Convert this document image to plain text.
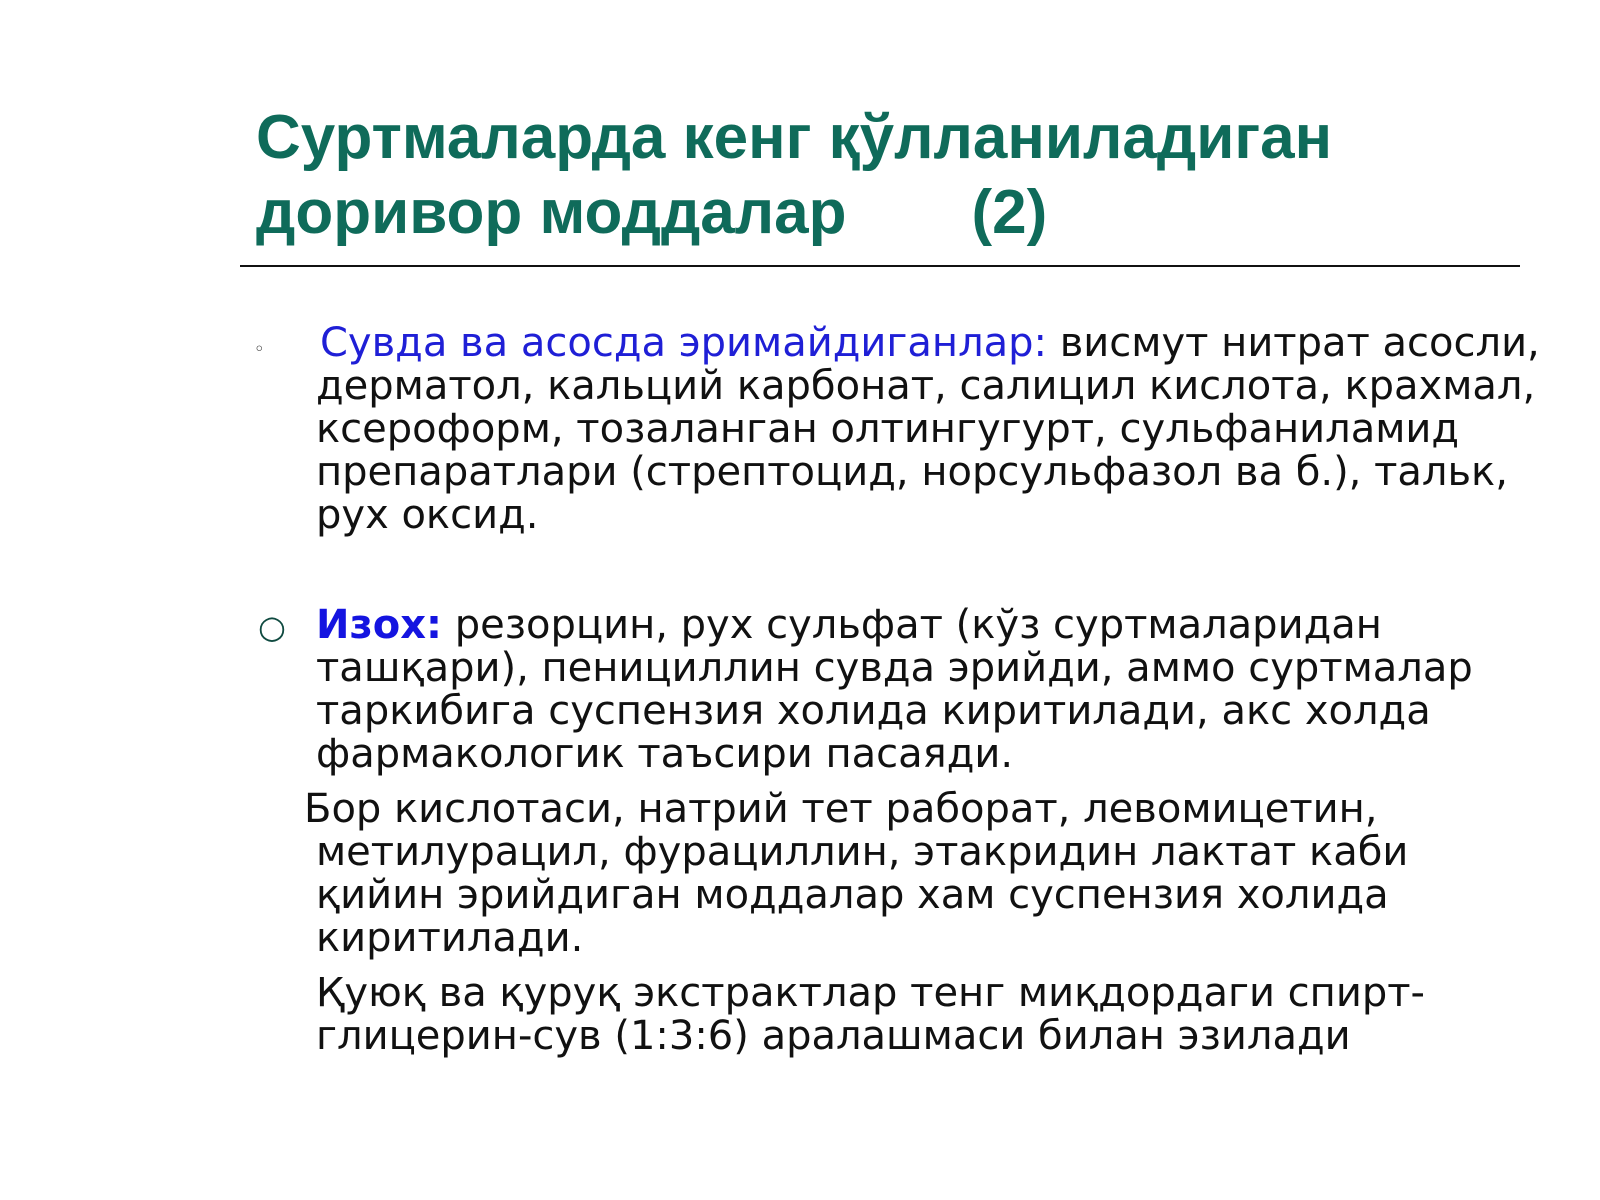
Суртмаларда кенг қўлланиладиган
доривор моддалар (2)
◦ Сувда ва асосда эримайдиганлар: висмут нитрат асосли, дерматол, кальций карбонат, салицил кислота, крахмал, ксероформ, тозаланган олтингугурт, сульфаниламид препаратлари (стрептоцид, норсульфазол ва б.), тальк, рух оксид.
○ Изох: резорцин, рух сульфат (кўз суртмаларидан ташқари), пенициллин сувда эрийди, аммо суртмалар таркибига суспензия холида киритилади, акс холда фармакологик таъсири пасаяди.
Бор кислотаси, натрий тет раборат, левомицетин, метилурацил, фурациллин, этакридин лактат каби қийин эрийдиган моддалар хам суспензия холида киритилади.
Қуюқ ва қуруқ экстрактлар тенг миқдордаги спирт-глицерин-сув (1:3:6) аралашмаси билан эзилади
